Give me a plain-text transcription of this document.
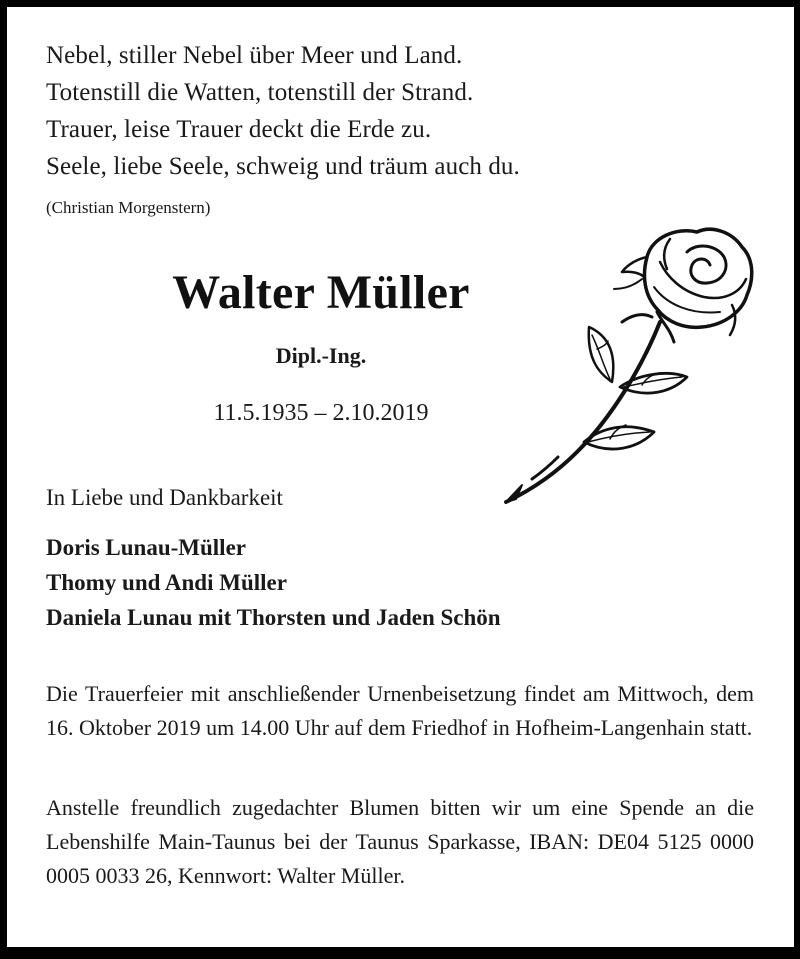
Nebel, stiller Nebel über Meer und Land.
Totenstill die Watten, totenstill der Strand.
Trauer, leise Trauer deckt die Erde zu.
Seele, liebe Seele, schweig und träum auch du.
(Christian Morgenstern)
Walter Müller
Dipl.-Ing.
11.5.1935 – 2.10.2019
In Liebe und Dankbarkeit
Doris Lunau-Müller
Thomy und Andi Müller
Daniela Lunau mit Thorsten und Jaden Schön
Die Trauerfeier mit anschließender Urnenbeisetzung findet am Mittwoch, dem 16. Oktober 2019 um 14.00 Uhr auf dem Friedhof in Hofheim-Langenhain statt.
Anstelle freundlich zugedachter Blumen bitten wir um eine Spende an die Lebenshilfe Main-Taunus bei der Taunus Sparkasse, IBAN: DE04 5125 0000 0005 0033 26, Kennwort: Walter Müller.
